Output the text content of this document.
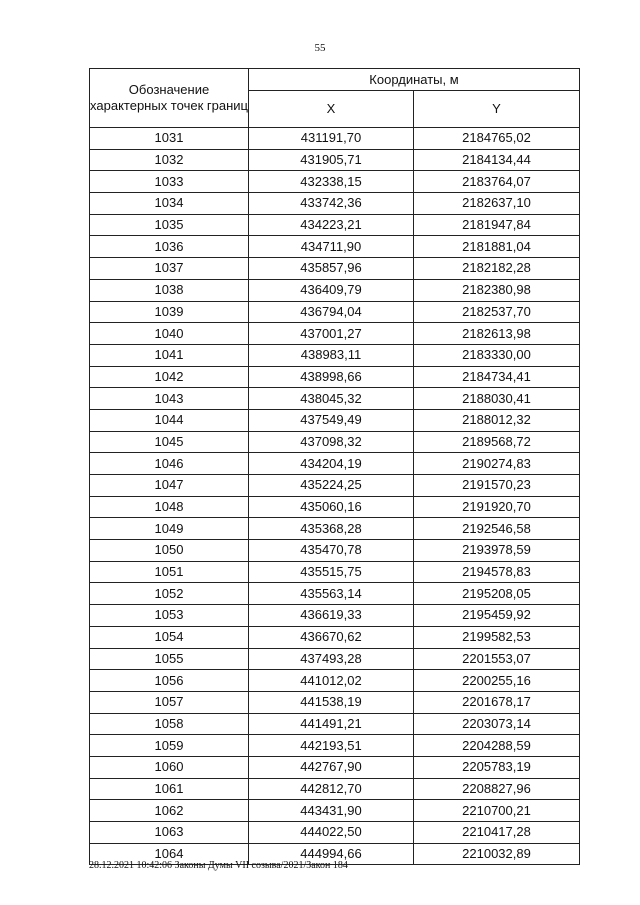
55
Обозначение характерных точек границ	Координаты, м	
	X	Y
1031	431191,70	2184765,02
1032	431905,71	2184134,44
1033	432338,15	2183764,07
1034	433742,36	2182637,10
1035	434223,21	2181947,84
1036	434711,90	2181881,04
1037	435857,96	2182182,28
1038	436409,79	2182380,98
1039	436794,04	2182537,70
1040	437001,27	2182613,98
1041	438983,11	2183330,00
1042	438998,66	2184734,41
1043	438045,32	2188030,41
1044	437549,49	2188012,32
1045	437098,32	2189568,72
1046	434204,19	2190274,83
1047	435224,25	2191570,23
1048	435060,16	2191920,70
1049	435368,28	2192546,58
1050	435470,78	2193978,59
1051	435515,75	2194578,83
1052	435563,14	2195208,05
1053	436619,33	2195459,92
1054	436670,62	2199582,53
1055	437493,28	2201553,07
1056	441012,02	2200255,16
1057	441538,19	2201678,17
1058	441491,21	2203073,14
1059	442193,51	2204288,59
1060	442767,90	2205783,19
1061	442812,70	2208827,96
1062	443431,90	2210700,21
1063	444022,50	2210417,28
1064	444994,66	2210032,89
28.12.2021 10:42:06 Законы Думы VII созыва/2021/Закон 184
